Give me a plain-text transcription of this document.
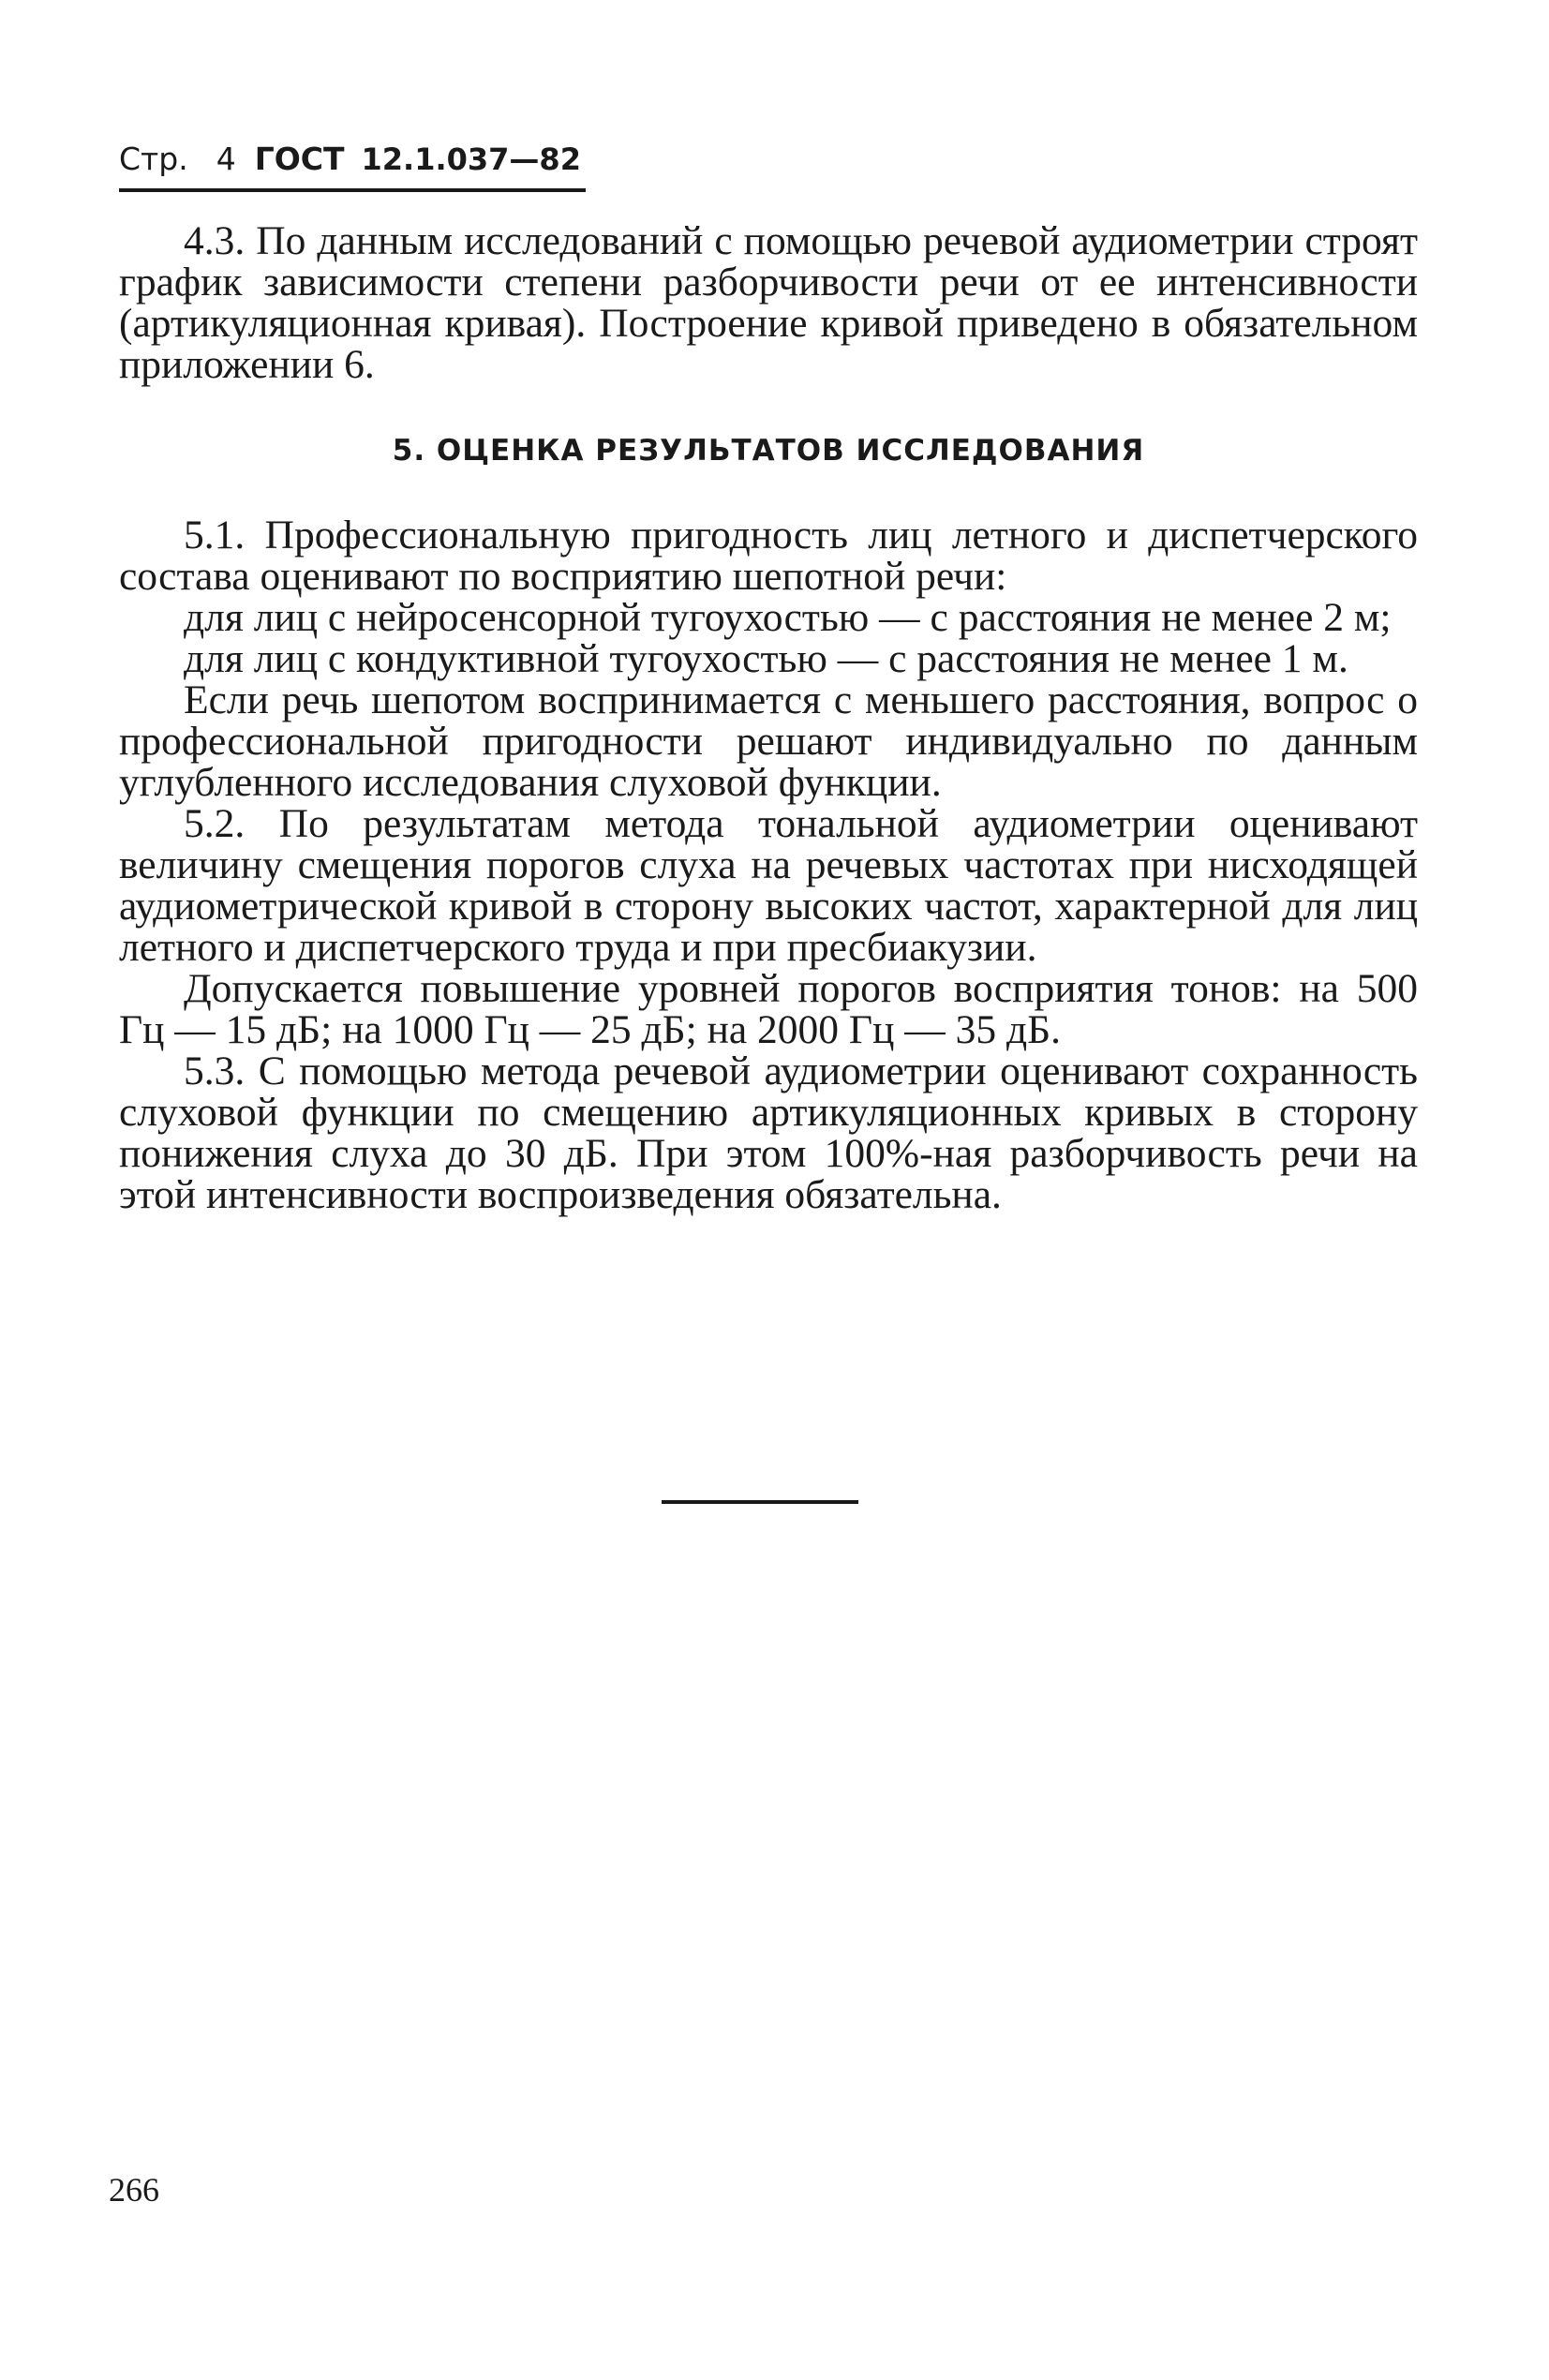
Стр. 4 ГОСТ 12.1.037—82

4.3. По данным исследований с помощью речевой аудиометрии строят график зависимости степени разборчивости речи от ее интенсивности (артикуляционная кривая). Построение кривой приведено в обязательном приложении 6.

5. ОЦЕНКА РЕЗУЛЬТАТОВ ИССЛЕДОВАНИЯ

5.1. Профессиональную пригодность лиц летного и диспетчерского состава оценивают по восприятию шепотной речи:

для лиц с нейросенсорной тугоухостью — с расстояния не менее 2 м;

для лиц с кондуктивной тугоухостью — с расстояния не менее 1 м.

Если речь шепотом воспринимается с меньшего расстояния, вопрос о профессиональной пригодности решают индивидуально по данным углубленного исследования слуховой функции.

5.2. По результатам метода тональной аудиометрии оценивают величину смещения порогов слуха на речевых частотах при нисходящей аудиометрической кривой в сторону высоких частот, характерной для лиц летного и диспетчерского труда и при пресбиакузии.

Допускается повышение уровней порогов восприятия тонов: на 500 Гц — 15 дБ; на 1000 Гц — 25 дБ; на 2000 Гц — 35 дБ.

5.3. С помощью метода речевой аудиометрии оценивают сохранность слуховой функции по смещению артикуляционных кривых в сторону понижения слуха до 30 дБ. При этом 100%-ная разборчивость речи на этой интенсивности воспроизведения обязательна.

266
